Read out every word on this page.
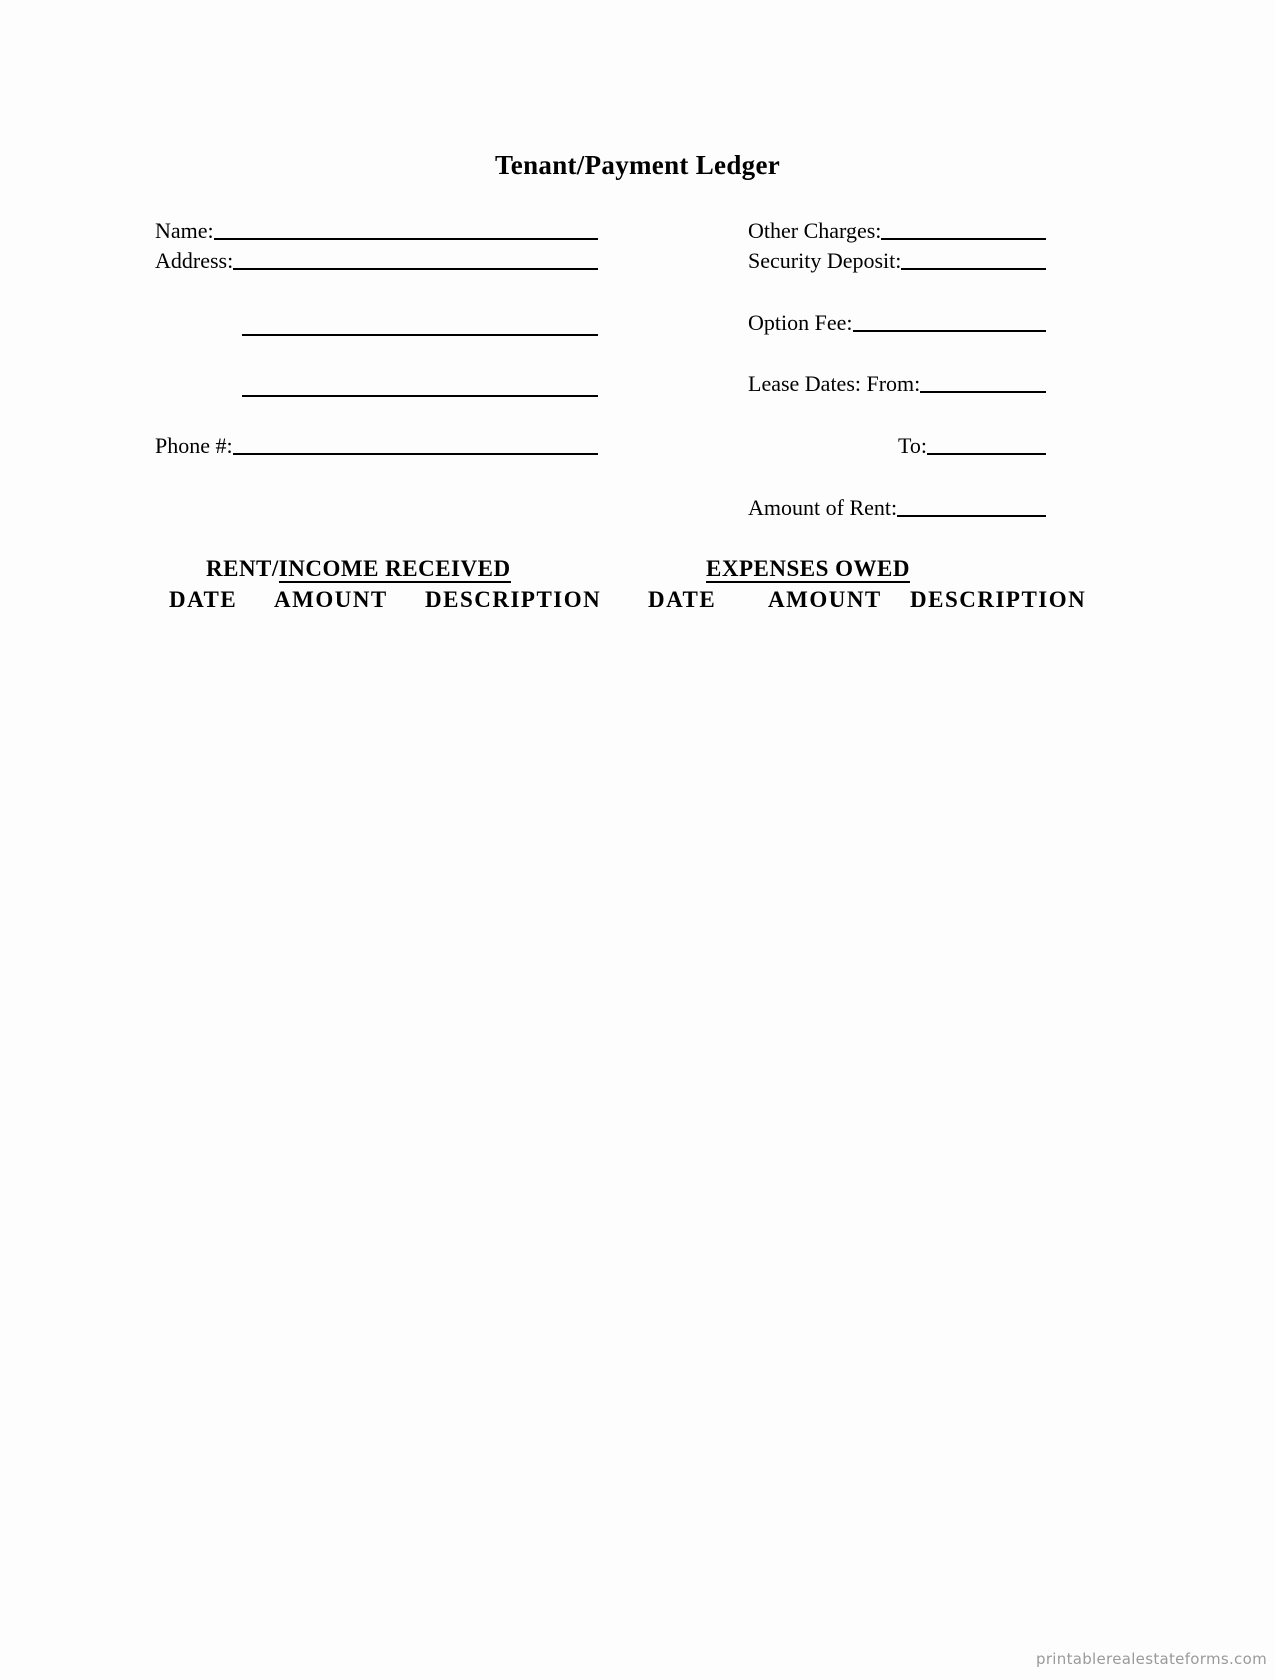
Tenant/Payment Ledger
Name:
Address:
Phone #:
Other Charges:
Security Deposit:
Option Fee:
Lease Dates: From:
To:
Amount of Rent:
RENT/INCOME RECEIVED	EXPENSES OWED
DATE AMOUNT DESCRIPTION DATE AMOUNT DESCRIPTION
printablerealestateforms.com
